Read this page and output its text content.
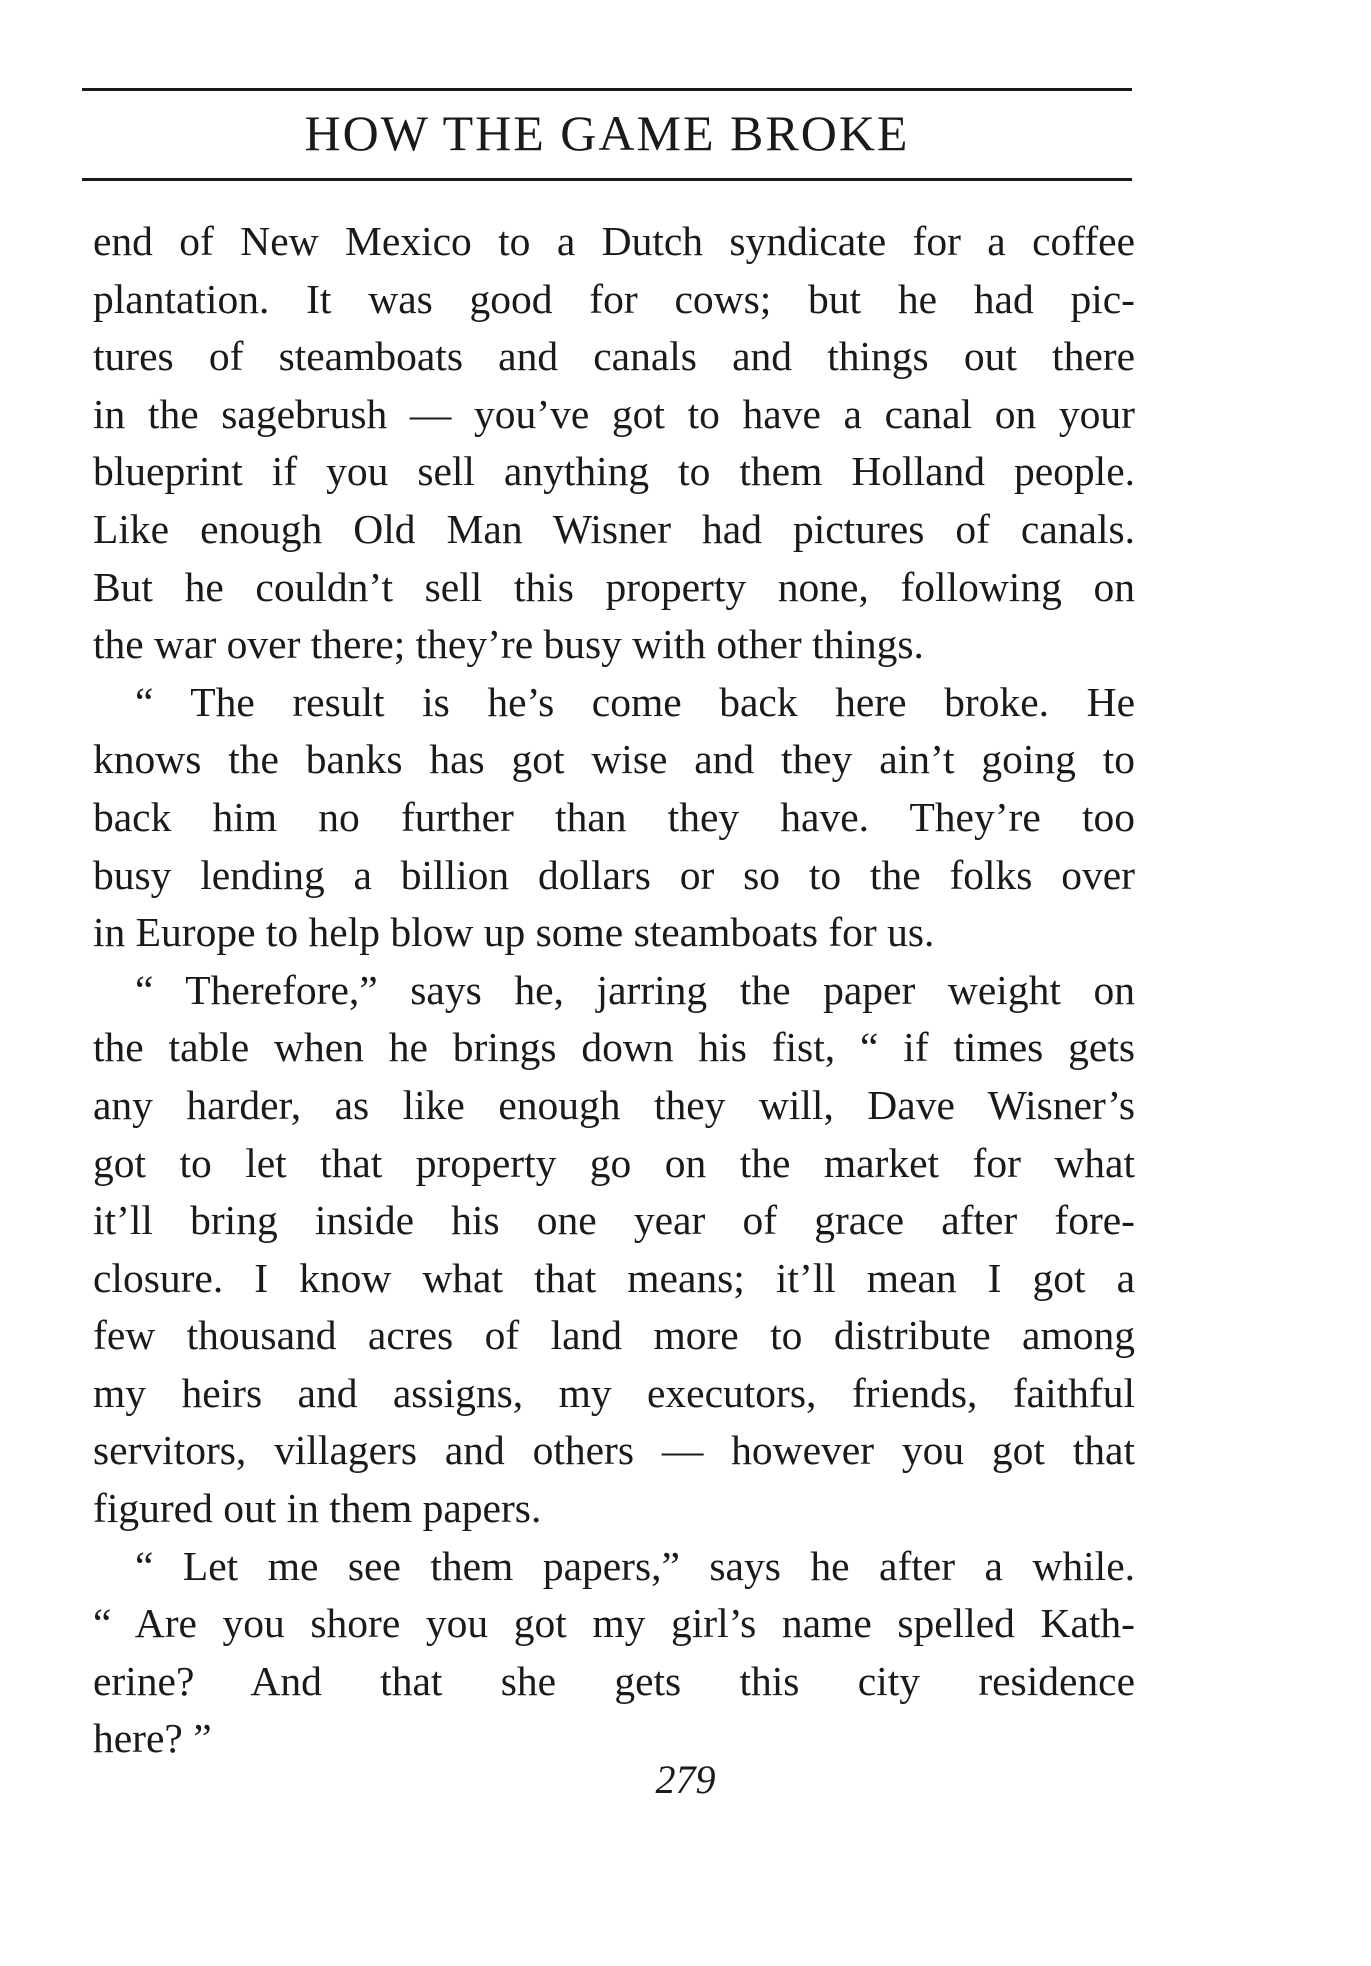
HOW THE GAME BROKE
end of New Mexico to a Dutch syndicate for a coffee
plantation. It was good for cows; but he had pic-
tures of steamboats and canals and things out there
in the sagebrush — you’ve got to have a canal on your
blueprint if you sell anything to them Holland people.
Like enough Old Man Wisner had pictures of canals.
But he couldn’t sell this property none, following on
the war over there; they’re busy with other things.
“ The result is he’s come back here broke. He
knows the banks has got wise and they ain’t going to
back him no further than they have. They’re too
busy lending a billion dollars or so to the folks over
in Europe to help blow up some steamboats for us.
“ Therefore,” says he, jarring the paper weight on
the table when he brings down his fist, “ if times gets
any harder, as like enough they will, Dave Wisner’s
got to let that property go on the market for what
it’ll bring inside his one year of grace after fore-
closure. I know what that means; it’ll mean I got a
few thousand acres of land more to distribute among
my heirs and assigns, my executors, friends, faithful
servitors, villagers and others — however you got that
figured out in them papers.
“ Let me see them papers,” says he after a while.
“ Are you shore you got my girl’s name spelled Kath-
erine? And that she gets this city residence
here? ”
279
